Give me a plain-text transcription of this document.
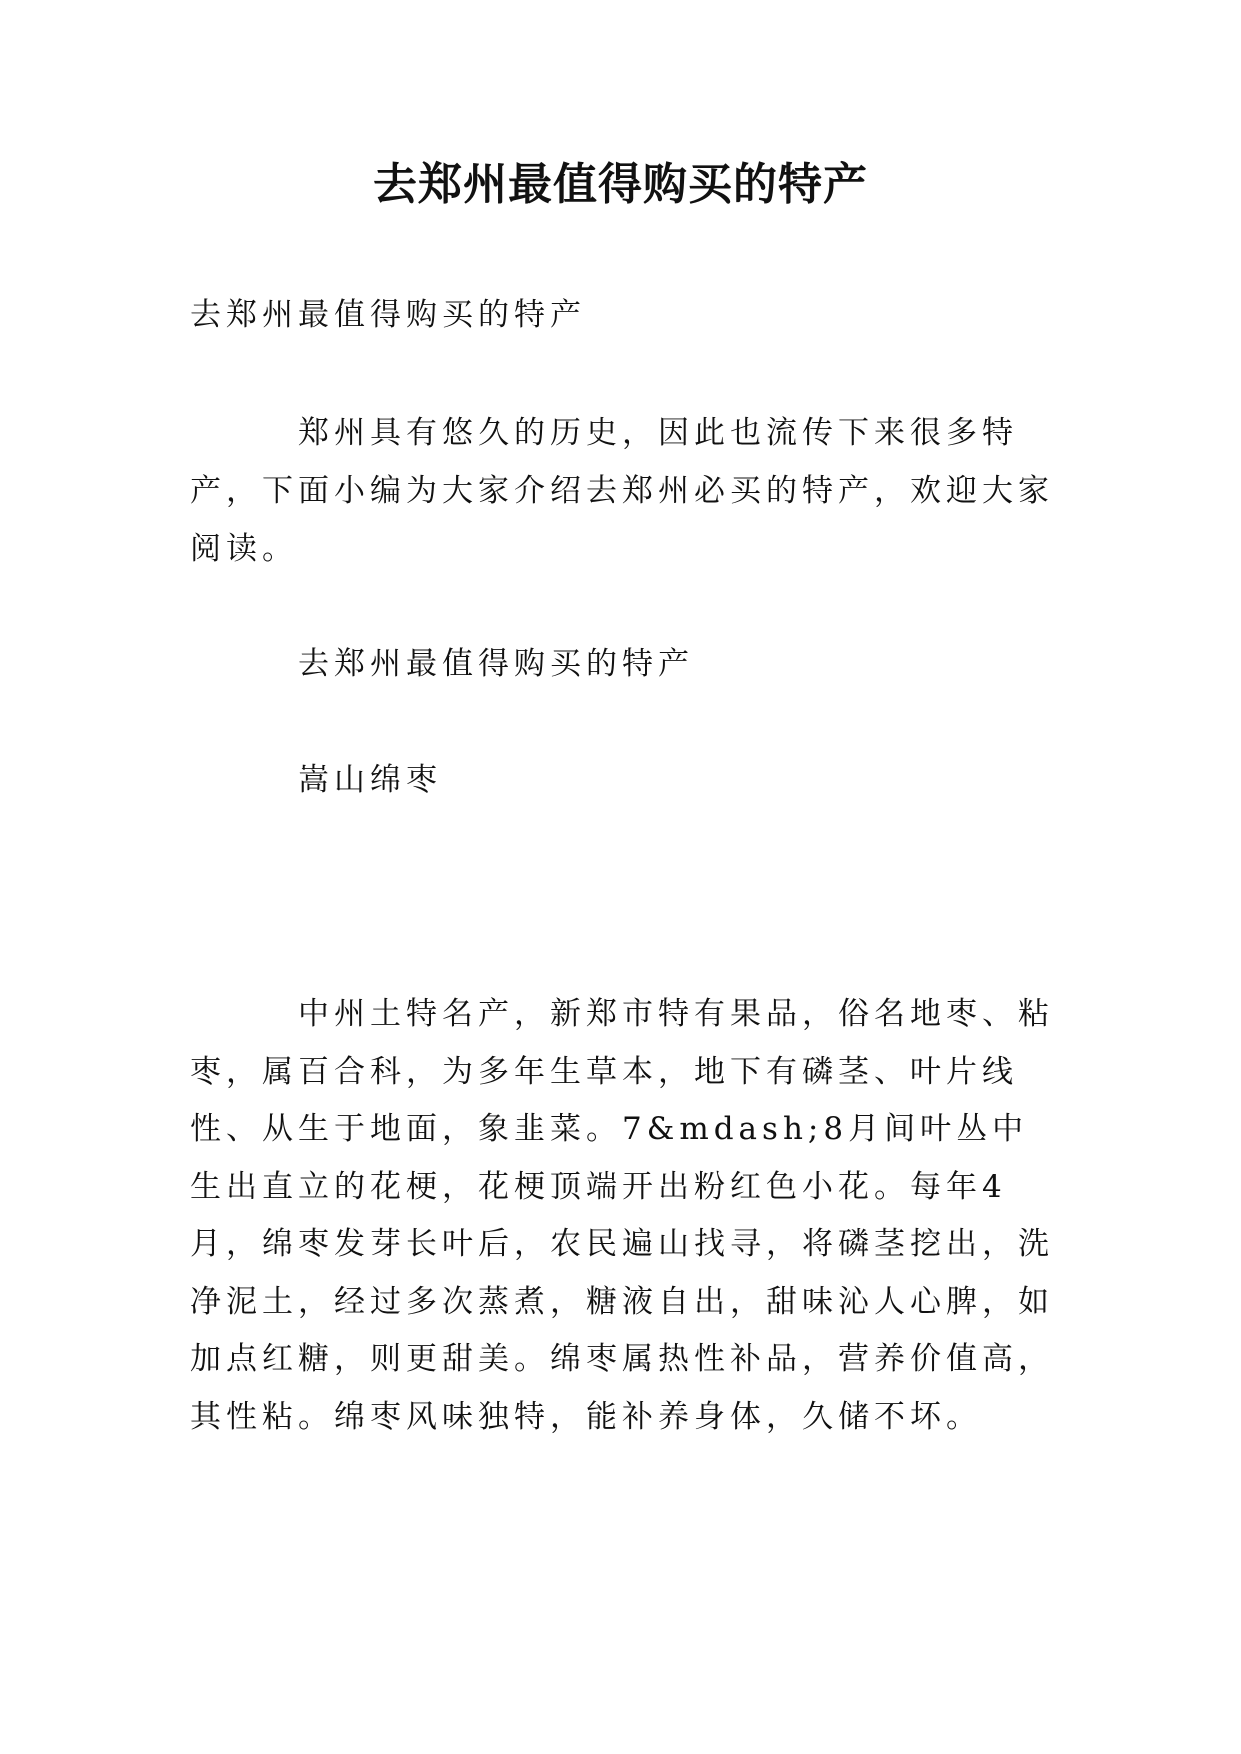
去郑州最值得购买的特产

去郑州最值得购买的特产

郑州具有悠久的历史，因此也流传下来很多特产，下面小编为大家介绍去郑州必买的特产，欢迎大家阅读。

去郑州最值得购买的特产

嵩山绵枣

中州土特名产，新郑市特有果品，俗名地枣、粘枣，属百合科，为多年生草本，地下有磷茎、叶片线性、从生于地面，象韭菜。7&mdash;8月间叶丛中生出直立的花梗，花梗顶端开出粉红色小花。每年4月，绵枣发芽长叶后，农民遍山找寻，将磷茎挖出，洗净泥土，经过多次蒸煮，糖液自出，甜味沁人心脾，如加点红糖，则更甜美。绵枣属热性补品，营养价值高，其性粘。绵枣风味独特，能补养身体，久储不坏。
